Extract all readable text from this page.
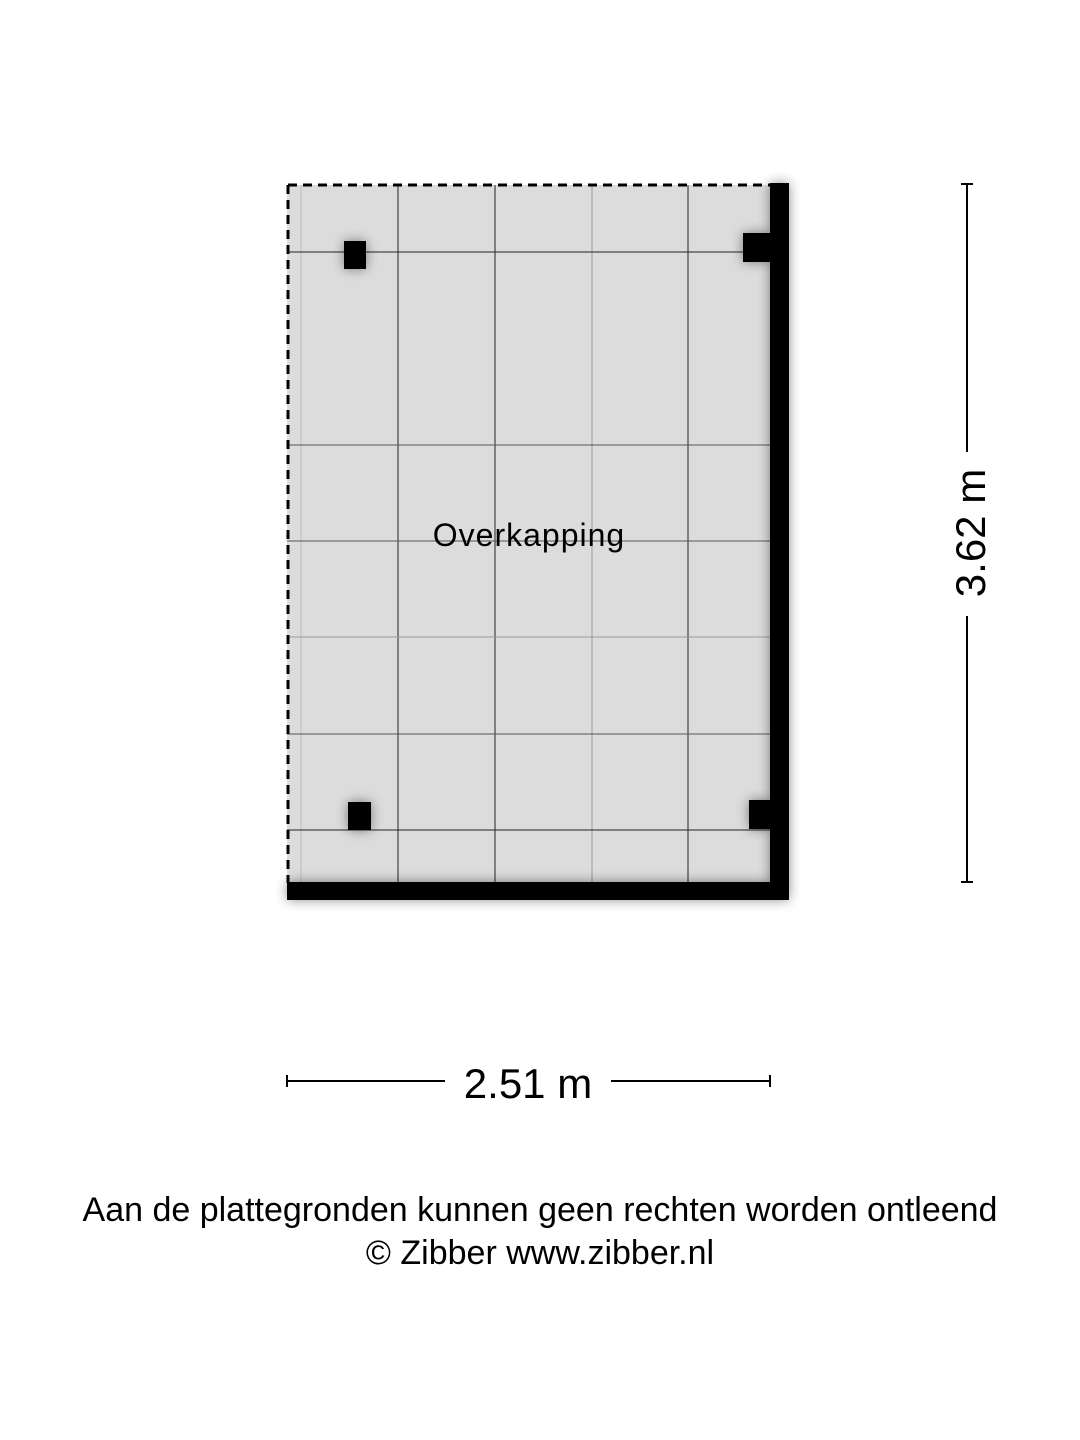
Overkapping
2.51 m
3.62 m
Aan de plattegronden kunnen geen rechten worden ontleend
© Zibber www.zibber.nl
